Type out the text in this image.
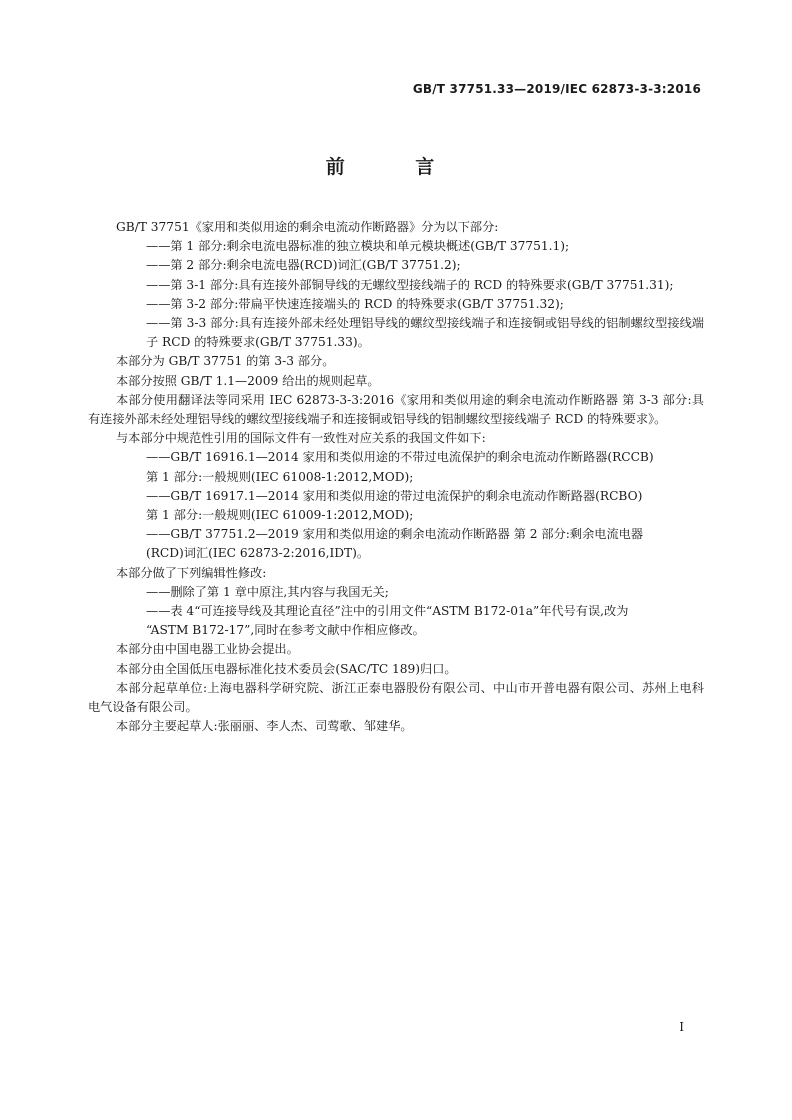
GB/T 37751.33—2019/IEC 62873-3-3:2016
前 言

GB/T 37751《家用和类似用途的剩余电流动作断路器》分为以下部分:

——第 1 部分:剩余电流电器标准的独立模块和单元模块概述(GB/T 37751.1);

——第 2 部分:剩余电流电器(RCD)词汇(GB/T 37751.2);

——第 3-1 部分:具有连接外部铜导线的无螺纹型接线端子的 RCD 的特殊要求(GB/T 37751.31);

——第 3-2 部分:带扁平快速连接端头的 RCD 的特殊要求(GB/T 37751.32);

——第 3-3 部分:具有连接外部未经处理铝导线的螺纹型接线端子和连接铜或铝导线的铝制螺纹型接线端子 RCD 的特殊要求(GB/T 37751.33)。

本部分为 GB/T 37751 的第 3-3 部分。

本部分按照 GB/T 1.1—2009 给出的规则起草。

本部分使用翻译法等同采用 IEC 62873-3-3:2016《家用和类似用途的剩余电流动作断路器 第 3-3 部分:具有连接外部未经处理铝导线的螺纹型接线端子和连接铜或铝导线的铝制螺纹型接线端子 RCD 的特殊要求》。

与本部分中规范性引用的国际文件有一致性对应关系的我国文件如下:

——GB/T 16916.1—2014 家用和类似用途的不带过电流保护的剩余电流动作断路器(RCCB)

第 1 部分:一般规则(IEC 61008-1:2012,MOD);

——GB/T 16917.1—2014 家用和类似用途的带过电流保护的剩余电流动作断路器(RCBO)

第 1 部分:一般规则(IEC 61009-1:2012,MOD);

——GB/T 37751.2—2019 家用和类似用途的剩余电流动作断路器 第 2 部分:剩余电流电器

(RCD)词汇(IEC 62873-2:2016,IDT)。

本部分做了下列编辑性修改:

——删除了第 1 章中原注,其内容与我国无关;

——表 4“可连接导线及其理论直径”注中的引用文件“ASTM B172-01a”年代号有误,改为

“ASTM B172-17”,同时在参考文献中作相应修改。

本部分由中国电器工业协会提出。

本部分由全国低压电器标准化技术委员会(SAC/TC 189)归口。

本部分起草单位:上海电器科学研究院、浙江正泰电器股份有限公司、中山市开普电器有限公司、苏州上电科电气设备有限公司。

本部分主要起草人:张丽丽、李人杰、司莺歌、邹建华。

I
